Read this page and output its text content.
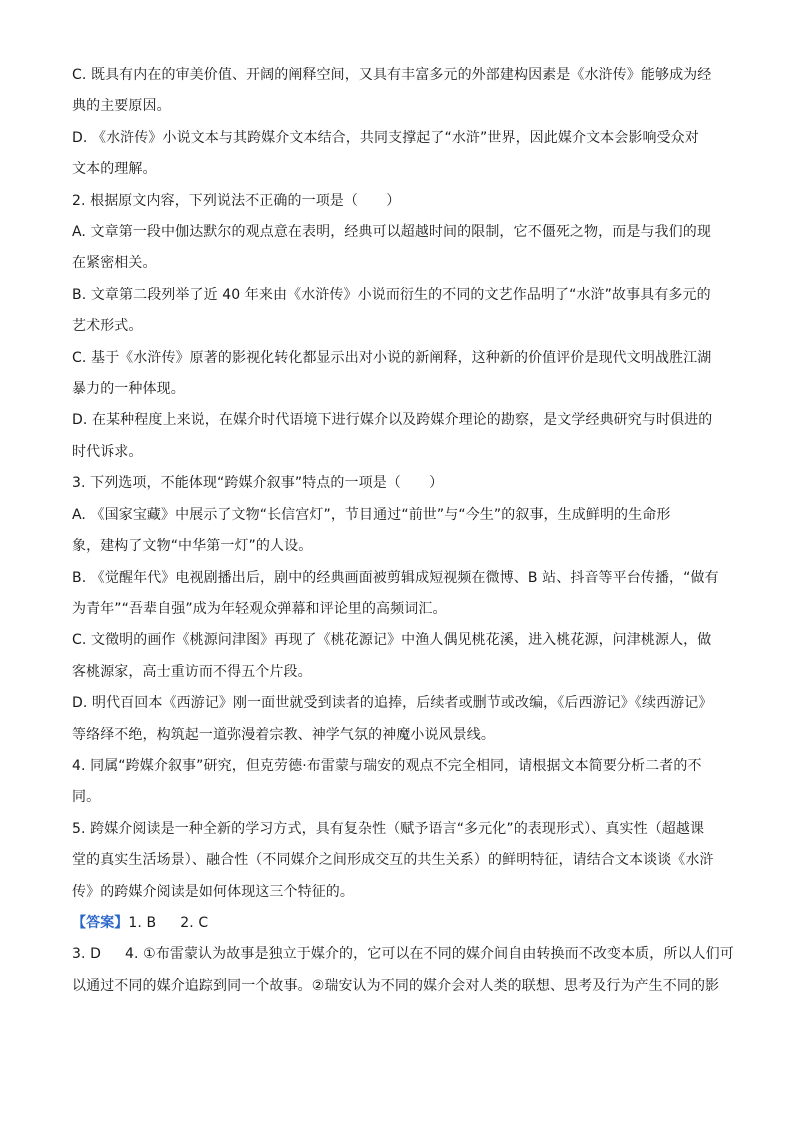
C. 既具有内在的审美价值、开阔的阐释空间，又具有丰富多元的外部建构因素是《水浒传》能够成为经
典的主要原因。
D. 《水浒传》小说文本与其跨媒介文本结合，共同支撑起了“水浒”世界，因此媒介文本会影响受众对
文本的理解。
2. 根据原文内容，下列说法不正确的一项是（　　）
A. 文章第一段中伽达默尔的观点意在表明，经典可以超越时间的限制，它不僵死之物，而是与我们的现
在紧密相关。
B. 文章第二段列举了近 40 年来由《水浒传》小说而衍生的不同的文艺作品明了“水浒”故事具有多元的
艺术形式。
C. 基于《水浒传》原著的影视化转化都显示出对小说的新阐释，这种新的价值评价是现代文明战胜江湖
暴力的一种体现。
D. 在某种程度上来说，在媒介时代语境下进行媒介以及跨媒介理论的勘察，是文学经典研究与时俱进的
时代诉求。
3. 下列选项，不能体现“跨媒介叙事”特点的一项是（　　）
A. 《国家宝藏》中展示了文物“长信宫灯”，节目通过“前世”与“今生”的叙事，生成鲜明的生命形
象，建构了文物“中华第一灯”的人设。
B. 《觉醒年代》电视剧播出后，剧中的经典画面被剪辑成短视频在微博、B 站、抖音等平台传播，“做有
为青年”“吾辈自强”成为年轻观众弹幕和评论里的高频词汇。
C. 文徵明的画作《桃源问津图》再现了《桃花源记》中渔人偶见桃花溪，进入桃花源，问津桃源人，做
客桃源家，高士重访而不得五个片段。
D. 明代百回本《西游记》刚一面世就受到读者的追捧，后续者或删节或改编，《后西游记》《续西游记》
等络绎不绝，构筑起一道弥漫着宗教、神学气氛的神魔小说风景线。
4. 同属“跨媒介叙事”研究，但克劳德·布雷蒙与瑞安的观点不完全相同，请根据文本简要分析二者的不
同。
5. 跨媒介阅读是一种全新的学习方式，具有复杂性（赋予语言“多元化”的表现形式）、真实性（超越课
堂的真实生活场景）、融合性（不同媒介之间形成交互的共生关系）的鲜明特征，请结合文本谈谈《水浒
传》的跨媒介阅读是如何体现这三个特征的。
【答案】1. B 2. C
3. D 4. ①布雷蒙认为故事是独立于媒介的，它可以在不同的媒介间自由转换而不改变本质，所以人们可
以通过不同的媒介追踪到同一个故事。②瑞安认为不同的媒介会对人类的联想、思考及行为产生不同的影
